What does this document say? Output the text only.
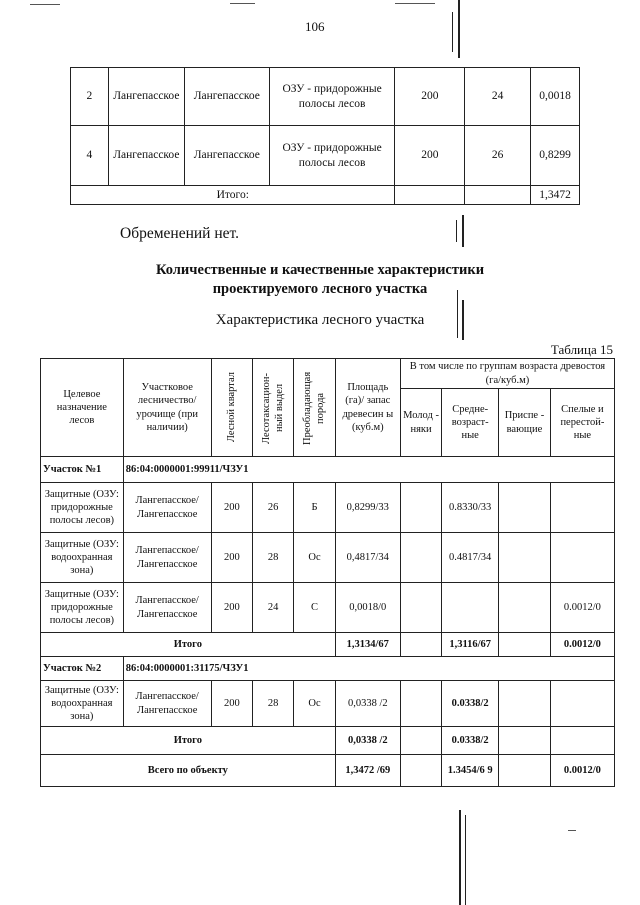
106
2	Лангепасское	Лангепасское	ОЗУ - придорожные полосы лесов	200	24	0,0018
4	Лангепасское	Лангепасское	ОЗУ - придорожные полосы лесов	200	26	0,8299
Итого:						1,3472
Обременений нет.
Количественные и качественные характеристики
проектируемого лесного участка
Характеристика лесного участка
Таблица 15
Целевое назначение лесов	Участковое лесничество/ урочище (при наличии)	Лесной квартал	Лесотаксацион-ный выдел	Преобладающая порода	Площадь (га)/ запас древесин ы (куб.м)	В том числе по группам возраста древостоя (га/куб.м)			
						Молод - няки	Средне-возраст-ные	Приспе - вающие	Спелые и перестой-ные
Участок №1	86:04:0000001:99911/ЧЗУ1								
Защитные (ОЗУ: придорожные полосы лесов)	Лангепасское/ Лангепасское	200	26	Б	0,8299/33		0.8330/33		
Защитные (ОЗУ: водоохранная зона)	Лангепасское/ Лангепасское	200	28	Ос	0,4817/34		0.4817/34		
Защитные (ОЗУ: придорожные полосы лесов)	Лангепасское/ Лангепасское	200	24	С	0,0018/0				0.0012/0
Итого					1,3134/67		1,3116/67		0.0012/0
Участок №2	86:04:0000001:31175/ЧЗУ1								
Защитные (ОЗУ: водоохранная зона)	Лангепасское/ Лангепасское	200	28	Ос	0,0338 /2		0.0338/2		
Итого					0,0338 /2		0.0338/2		
Всего по объекту					1,3472 /69		1.3454/6 9		0.0012/0
